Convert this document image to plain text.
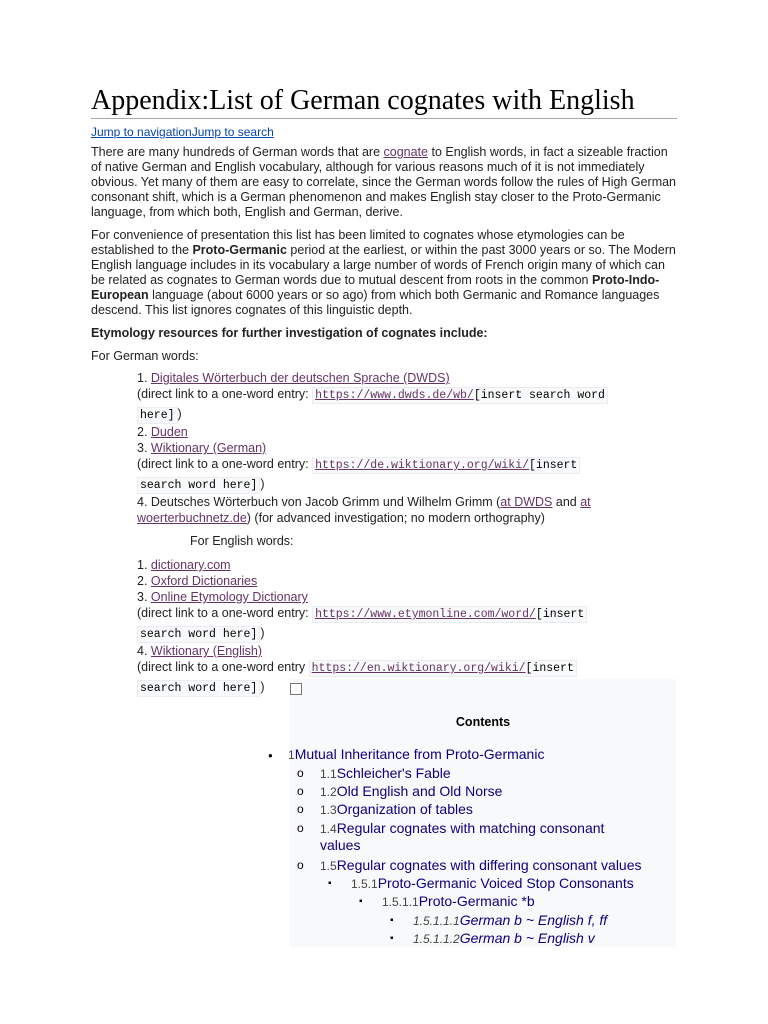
Appendix:List of German cognates with English
Jump to navigationJump to search

There are many hundreds of German words that are cognate to English words, in fact a sizeable fraction of native German and English vocabulary, although for various reasons much of it is not immediately obvious. Yet many of them are easy to correlate, since the German words follow the rules of High German consonant shift, which is a German phenomenon and makes English stay closer to the Proto-Germanic language, from which both, English and German, derive.

For convenience of presentation this list has been limited to cognates whose etymologies can be established to the Proto-Germanic period at the earliest, or within the past 3000 years or so. The Modern English language includes in its vocabulary a large number of words of French origin many of which can be related as cognates to German words due to mutual descent from roots in the common Proto-Indo-European language (about 6000 years or so ago) from which both Germanic and Romance languages descend. This list ignores cognates of this linguistic depth.

Etymology resources for further investigation of cognates include:

For German words:

1. Digitales Wörterbuch der deutschen Sprache (DWDS)
(direct link to a one-word entry: https://www.dwds.de/wb/[insert search word
here] )
2. Duden
3. Wiktionary (German)
(direct link to a one-word entry: https://de.wiktionary.org/wiki/[insert
search word here] )
4. Deutsches Wörterbuch von Jacob Grimm und Wilhelm Grimm (at DWDS and at
woerterbuchnetz.de) (for advanced investigation; no modern orthography)

For English words:

1. dictionary.com
2. Oxford Dictionaries
3. Online Etymology Dictionary
(direct link to a one-word entry: https://www.etymonline.com/word/[insert
search word here] )
4. Wiktionary (English)
(direct link to a one-word entry https://en.wiktionary.org/wiki/[insert
search word here] )
Contents
● 1Mutual Inheritance from Proto-Germanic
o 1.1Schleicher's Fable
o 1.2Old English and Old Norse
o 1.3Organization of tables
o 1.4Regular cognates with matching consonant
values
o 1.5Regular cognates with differing consonant values
▪ 1.5.1Proto-Germanic Voiced Stop Consonants
▪ 1.5.1.1Proto-Germanic *b
▪ 1.5.1.1.1German b ~ English f, ff
▪ 1.5.1.1.2German b ~ English v
